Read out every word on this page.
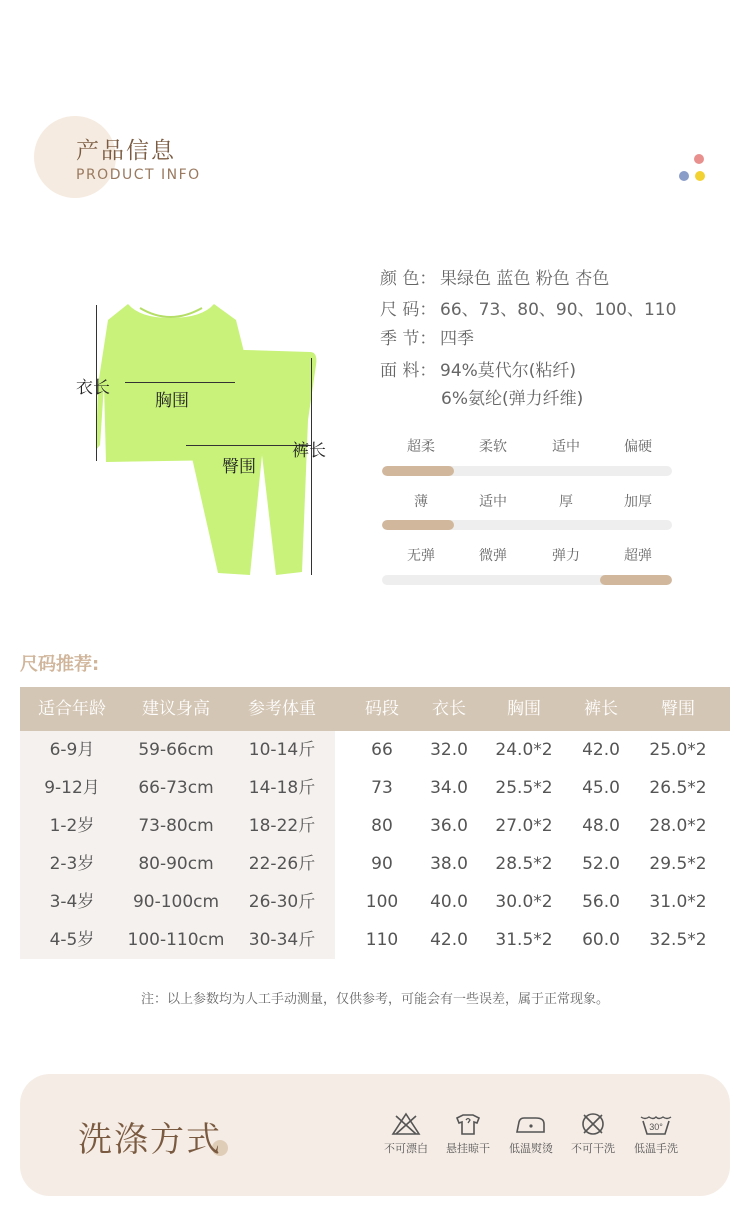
产品信息
PRODUCT INFO
衣长
胸围
臀围
裤长
颜 色： 果绿色 蓝色 粉色 杏色
尺 码： 66、73、80、90、100、110
季 节： 四季
面 料： 94%莫代尔(粘纤)
6%氨纶(弹力纤维)
超柔	柔软	适中	偏硬
薄	适中	厚	加厚
无弹	微弹	弹力	超弹
尺码推荐:
适合年龄	建议身高	参考体重	码段	衣长	胸围	裤长	臀围
6-9月	59-66cm	10-14斤	66	32.0	24.0*2	42.0	25.0*2
9-12月	66-73cm	14-18斤	73	34.0	25.5*2	45.0	26.5*2
1-2岁	73-80cm	18-22斤	80	36.0	27.0*2	48.0	28.0*2
2-3岁	80-90cm	22-26斤	90	38.0	28.5*2	52.0	29.5*2
3-4岁	90-100cm	26-30斤	100	40.0	30.0*2	56.0	31.0*2
4-5岁	100-110cm	30-34斤	110	42.0	31.5*2	60.0	32.5*2
注：以上参数均为人工手动测量，仅供参考，可能会有一些误差，属于正常现象。
洗涤方式	不可漂白	悬挂晾干	低温熨烫	不可干洗
30°
低温手洗
